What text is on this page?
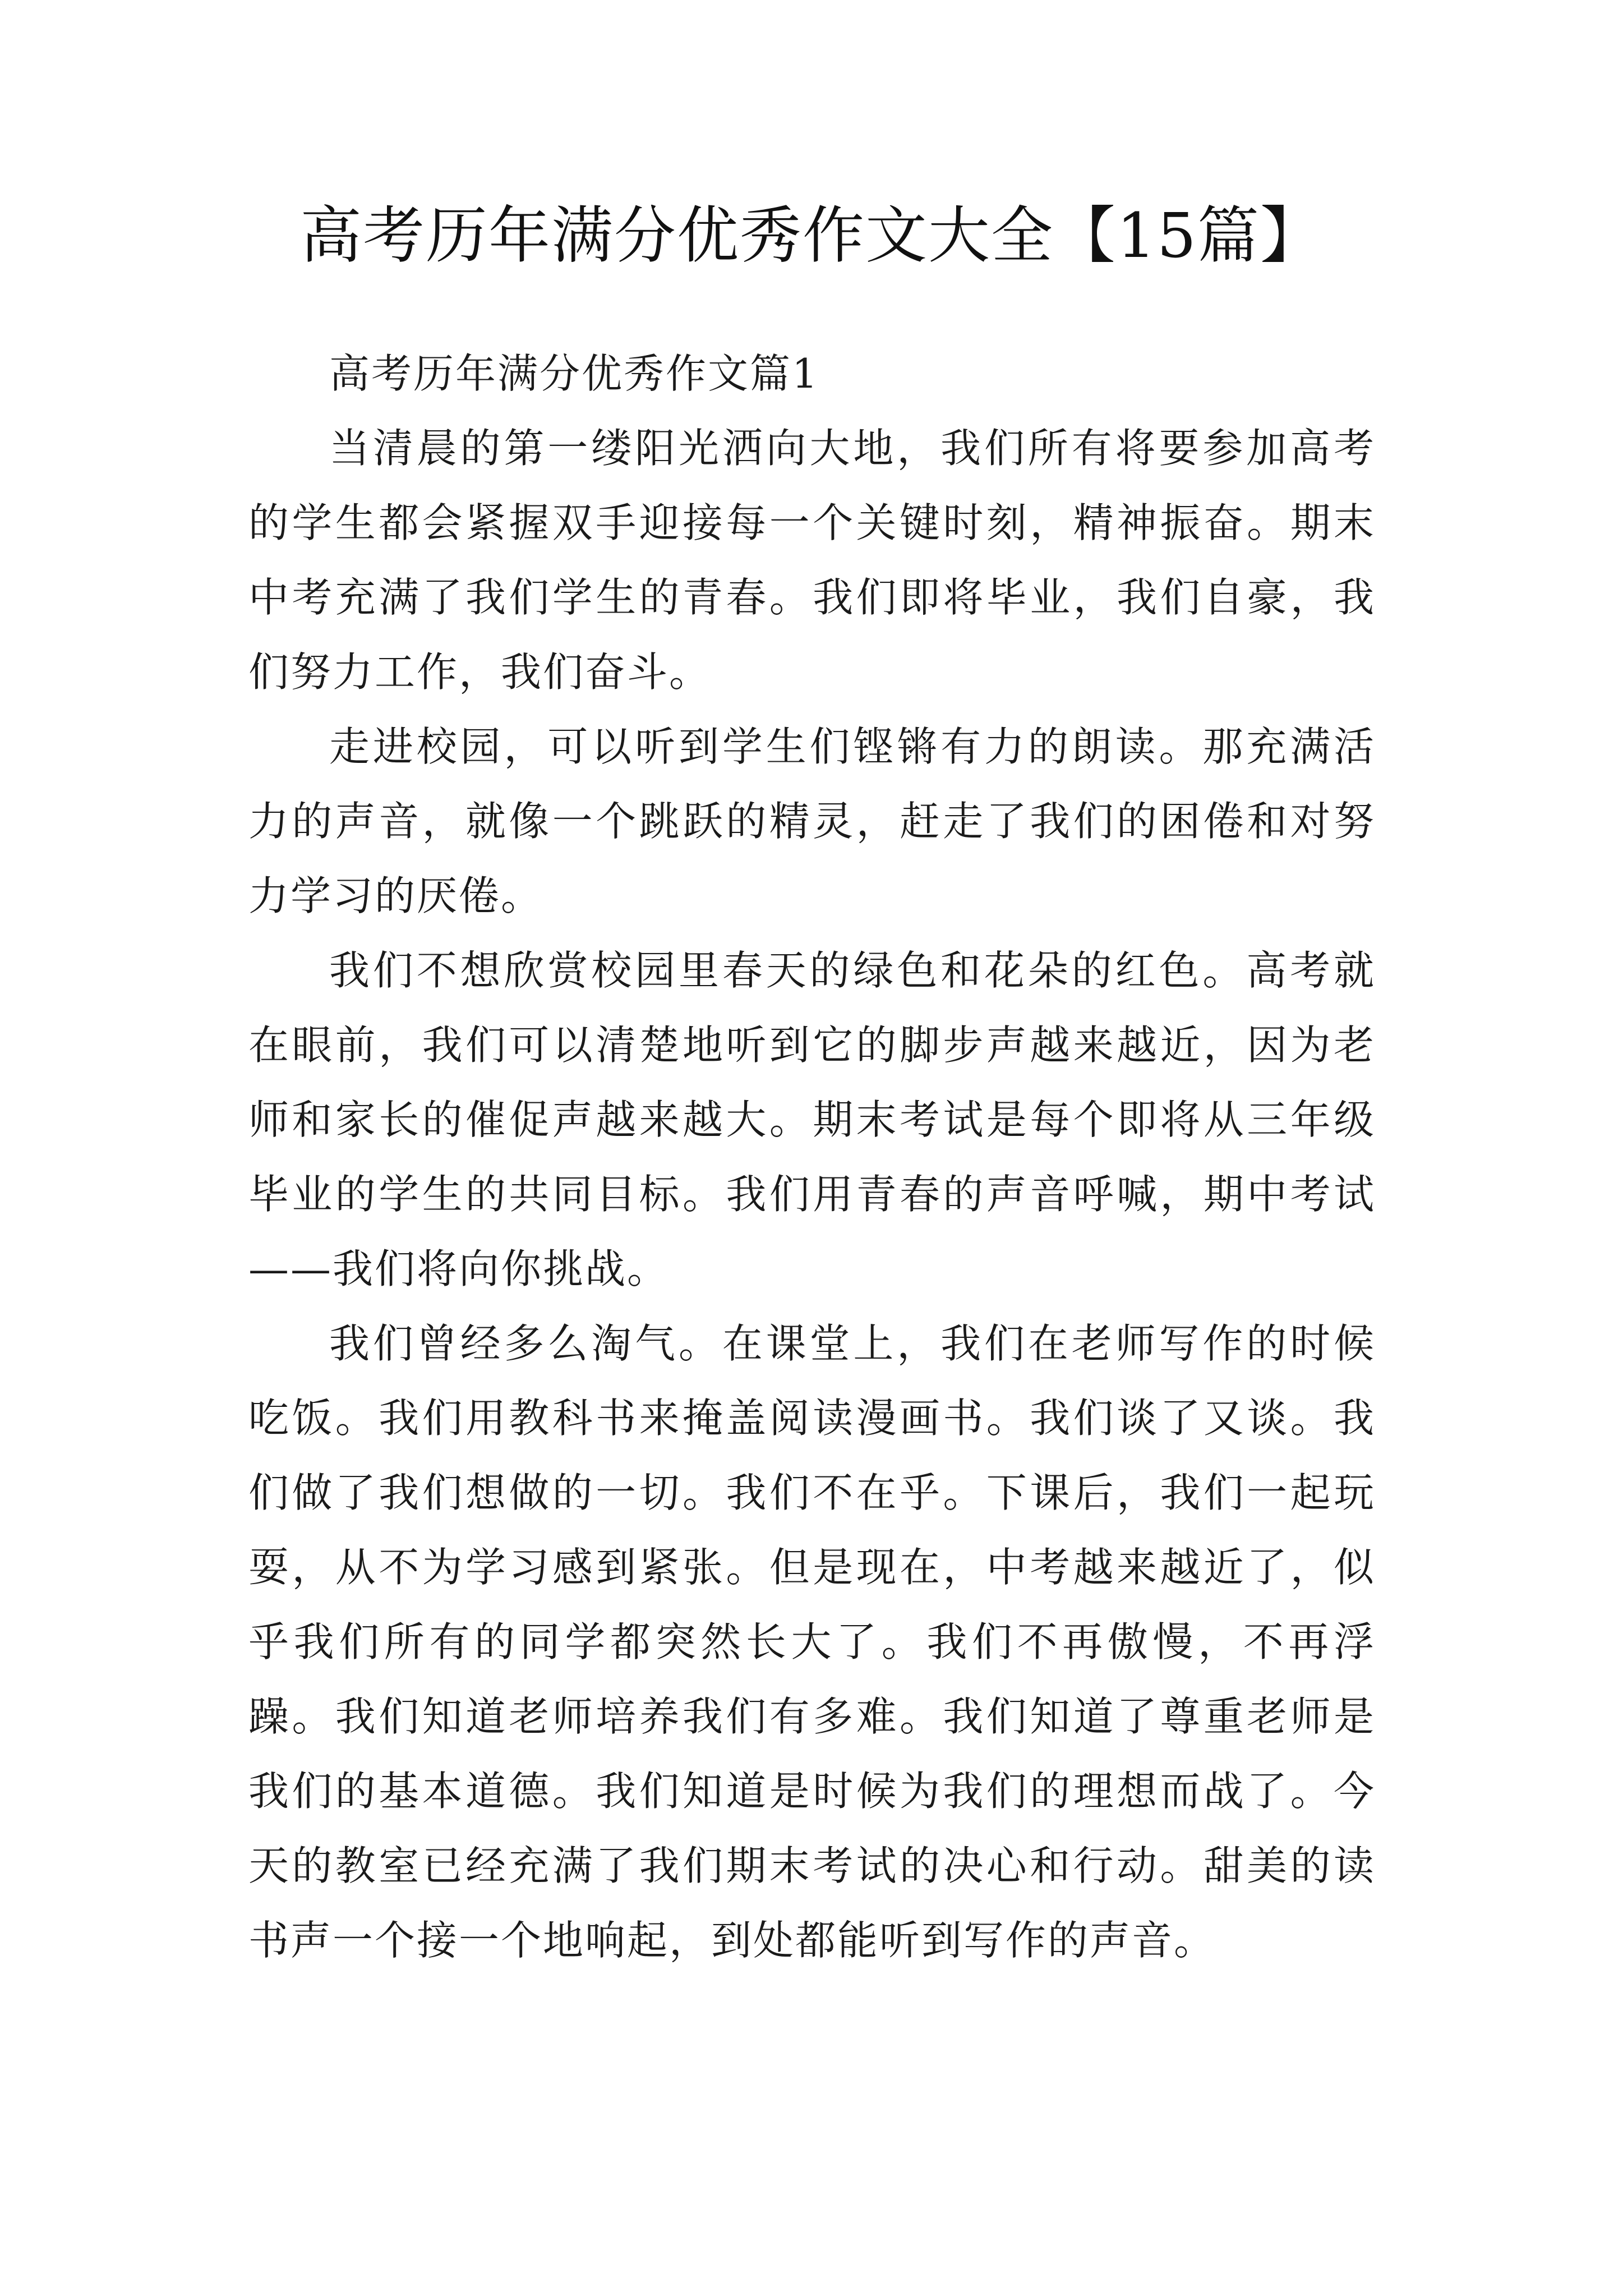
高考历年满分优秀作文大全【15篇】

高考历年满分优秀作文篇1

当清晨的第一缕阳光洒向大地，我们所有将要参加高考的学生都会紧握双手迎接每一个关键时刻，精神振奋。期末中考充满了我们学生的青春。我们即将毕业，我们自豪，我们努力工作，我们奋斗。

走进校园，可以听到学生们铿锵有力的朗读。那充满活力的声音，就像一个跳跃的精灵，赶走了我们的困倦和对努力学习的厌倦。

我们不想欣赏校园里春天的绿色和花朵的红色。高考就在眼前，我们可以清楚地听到它的脚步声越来越近，因为老师和家长的催促声越来越大。期末考试是每个即将从三年级毕业的学生的共同目标。我们用青春的声音呼喊，期中考试——我们将向你挑战。

我们曾经多么淘气。在课堂上，我们在老师写作的时候吃饭。我们用教科书来掩盖阅读漫画书。我们谈了又谈。我们做了我们想做的一切。我们不在乎。下课后，我们一起玩耍，从不为学习感到紧张。但是现在，中考越来越近了，似乎我们所有的同学都突然长大了。我们不再傲慢，不再浮躁。我们知道老师培养我们有多难。我们知道了尊重老师是我们的基本道德。我们知道是时候为我们的理想而战了。今天的教室已经充满了我们期末考试的决心和行动。甜美的读书声一个接一个地响起，到处都能听到写作的声音。
